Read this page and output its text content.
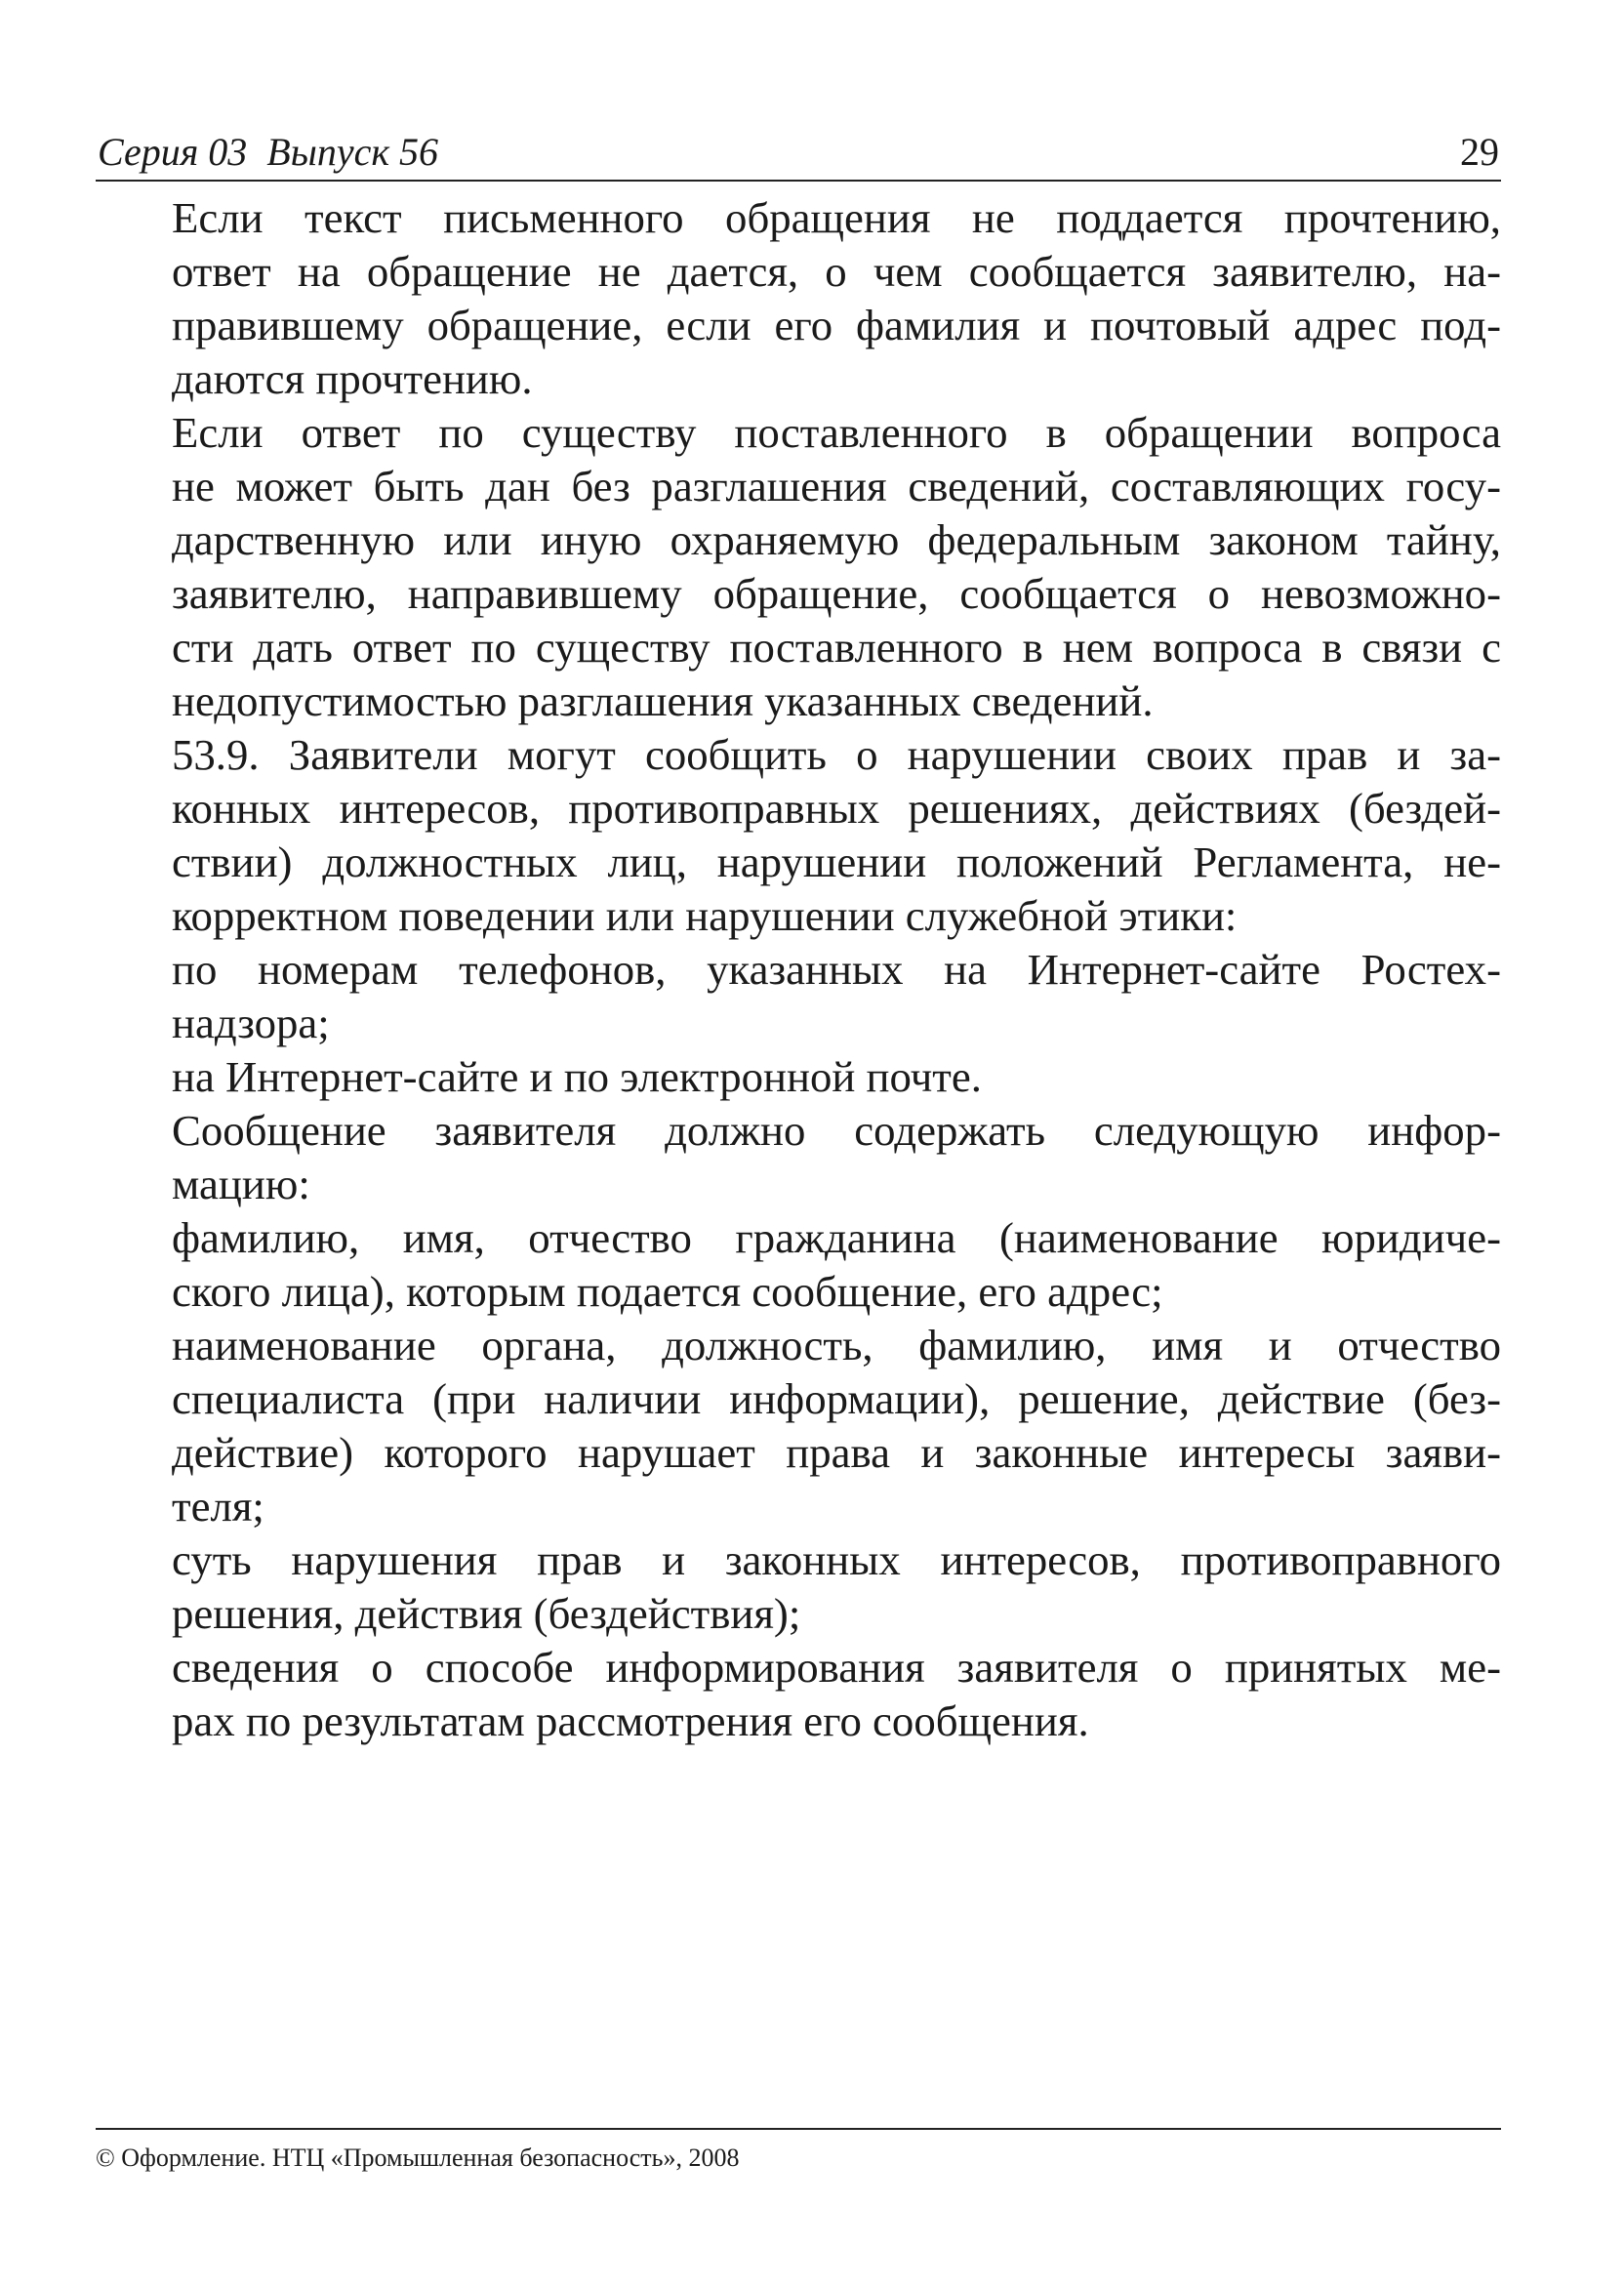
Серия 03  Выпуск 56	29

Если текст письменного обращения не поддается прочтению,
ответ на обращение не дается, о чем сообщается заявителю, на-
правившему обращение, если его фамилия и почтовый адрес под-
даются прочтению.

Если ответ по существу поставленного в обращении вопроса
не может быть дан без разглашения сведений, составляющих госу-
дарственную или иную охраняемую федеральным законом тайну,
заявителю, направившему обращение, сообщается о невозможно-
сти дать ответ по существу поставленного в нем вопроса в связи с
недопустимостью разглашения указанных сведений.

53.9. Заявители могут сообщить о нарушении своих прав и за-
конных интересов, противоправных решениях, действиях (бездей-
ствии) должностных лиц, нарушении положений Регламента, не-
корректном поведении или нарушении служебной этики:

по номерам телефонов, указанных на Интернет-сайте Ростех-
надзора;

на Интернет-сайте и по электронной почте.

Сообщение заявителя должно содержать следующую инфор-
мацию:

фамилию, имя, отчество гражданина (наименование юридиче-
ского лица), которым подается сообщение, его адрес;

наименование органа, должность, фамилию, имя и отчество
специалиста (при наличии информации), решение, действие (без-
действие) которого нарушает права и законные интересы заяви-
теля;

суть нарушения прав и законных интересов, противоправного
решения, действия (бездействия);

сведения о способе информирования заявителя о принятых ме-
рах по результатам рассмотрения его сообщения.

© Оформление. НТЦ «Промышленная безопасность», 2008
